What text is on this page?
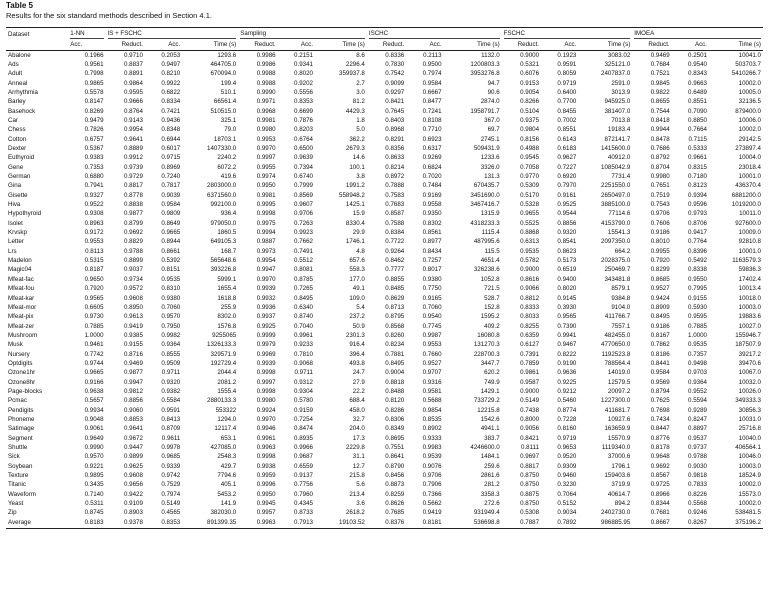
Table 5
Results for the six standard methods described in Section 4.1.
Dataset	1-NN	IS + FSCHC			Sampling			ISCHC			FSCHC			IMOEA		

	Acc.	Reduct.	Acc.	Time (s)	Reduct.	Acc.	Time (s)	Reduct.	Acc.	Time (s)	Reduct.	Acc.	Time (s)	Reduct.	Acc.	Time (s)
Abalone	0.1966	0.9710	0.2053	1293.6	0.9986	0.2151	8.6	0.8336	0.2113	1132.0	0.9000	0.1923	3083.02	0.9469	0.2501	10041.0
Ads	0.9561	0.8837	0.9497	464705.0	0.9986	0.9341	2296.4	0.7830	0.9500	1200803.3	0.5321	0.9591	325121.0	0.7684	0.9540	503703.7
Adult	0.7998	0.8891	0.8210	670094.0	0.9988	0.8020	359937.8	0.7542	0.7974	3953276.8	0.6076	0.8059	2407837.0	0.7521	0.8343	5410266.7
Anneal	0.9865	0.9864	0.9922	199.4	0.9988	0.9202	2.7	0.9099	0.9584	94.7	0.9153	0.9719	2591.0	0.9845	0.9663	10002.0
Arrhythmia	0.5578	0.9595	0.6822	510.1	0.9990	0.5556	3.0	0.9297	0.6667	90.6	0.9054	0.6400	3013.9	0.9822	0.6489	10005.0
Barley	0.8147	0.9666	0.8334	66561.4	0.9971	0.8353	81.2	0.8421	0.8477	2874.0	0.8266	0.7700	945925.0	0.8655	0.8551	32136.5
Basehock	0.8269	0.8764	0.7421	510515.0	0.9968	0.6699	4429.3	0.7645	0.7241	1958791.7	0.5104	0.8455	381407.0	0.7544	0.7090	879400.0
Car	0.9479	0.9143	0.9436	325.1	0.9981	0.7876	1.8	0.8403	0.8108	367.0	0.9375	0.7002	7013.8	0.8418	0.8850	10006.0
Chess	0.7826	0.9954	0.8348	79.0	0.9980	0.8203	5.0	0.8968	0.7710	69.7	0.9804	0.8551	19183.4	0.9944	0.7664	10002.0
Cotton	0.6757	0.9641	0.6944	18703.1	0.9953	0.6764	362.2	0.8291	0.6923	2745.1	0.8156	0.6143	872141.7	0.8478	0.7115	29142.5
Dexter	0.5367	0.8889	0.6017	1407330.0	0.9970	0.6500	2679.3	0.8356	0.6317	509431.9	0.4988	0.6183	1415600.0	0.7686	0.5333	273897.4
Euthyroid	0.9383	0.9912	0.9715	2240.2	0.9997	0.9639	14.6	0.8633	0.9269	1233.6	0.9545	0.9627	40912.0	0.8792	0.9661	10004.0
Gene	0.7353	0.9739	0.8969	6072.2	0.9955	0.7394	100.1	0.8214	0.6824	3326.0	0.7058	0.7227	1085042.9	0.8704	0.8315	23018.4
German	0.6880	0.9729	0.7240	419.6	0.9974	0.6740	3.8	0.8972	0.7020	131.3	0.9770	0.6920	7731.4	0.9980	0.7180	10001.0
Gina	0.7941	0.8817	0.7817	2803000.0	0.9950	0.7999	1991.2	0.7888	0.7484	670435.7	0.5309	0.7970	2251550.0	0.7651	0.8123	436370.4
Gisette	0.9327	0.8778	0.9039	6371560.0	0.9981	0.8569	558948.2	0.7583	0.9169	3451690.0	0.5170	0.9161	2650497.0	0.7519	0.9394	6881200.0
Hiva	0.9522	0.8838	0.9584	992100.0	0.9995	0.9607	1425.1	0.7683	0.9558	3467416.7	0.5328	0.9525	3885100.0	0.7543	0.9596	1019200.0
Hypothyroid	0.9308	0.9877	0.9809	936.4	0.9998	0.9706	15.9	0.8587	0.9350	1315.9	0.9655	0.9544	77114.6	0.9706	0.9793	10011.0
Isolet	0.8963	0.8799	0.8649	979050.0	0.9975	0.7263	8330.4	0.7588	0.8302	4318233.3	0.5525	0.8856	4153790.0	0.7606	0.8706	927600.0
Krvskp	0.9172	0.9692	0.9665	1860.5	0.9994	0.9923	29.9	0.8384	0.8561	1115.4	0.8868	0.9320	15541.3	0.9186	0.9417	10009.0
Letter	0.9553	0.8829	0.8944	649105.3	0.9887	0.7662	1746.1	0.7722	0.8977	487995.6	0.6313	0.8541	2097350.0	0.8010	0.7764	92810.8
Lrs	0.8113	0.9788	0.8661	168.7	0.9973	0.7491	4.8	0.9264	0.8434	115.5	0.9535	0.8623	664.2	0.9955	0.8396	10001.0
Madelon	0.5315	0.8899	0.5392	565648.6	0.9954	0.5512	657.6	0.8462	0.7257	4651.4	0.5782	0.5173	2028375.0	0.7920	0.5492	1163579.3
Magic04	0.8187	0.9037	0.8151	393226.8	0.9947	0.8081	558.3	0.7777	0.8017	326238.6	0.9000	0.6519	250469.7	0.8299	0.8338	59836.3
Mfeat-fac	0.9650	0.9734	0.9535	5999.1	0.9970	0.8785	177.0	0.8855	0.9380	1052.8	0.8616	0.9400	343481.8	0.8685	0.9550	17402.4
Mfeat-fou	0.7920	0.9572	0.8310	1655.4	0.9939	0.7265	49.1	0.8485	0.7750	721.5	0.9066	0.8020	8579.1	0.9527	0.7995	10013.4
Mfeat-kar	0.9565	0.9608	0.9380	1618.8	0.9932	0.8495	109.0	0.8629	0.9165	528.7	0.8812	0.9145	9384.8	0.9424	0.9155	10018.0
Mfeat-mor	0.6605	0.8950	0.7060	255.9	0.9936	0.6340	5.4	0.8713	0.7060	152.8	0.8333	0.3930	9104.0	0.8909	0.5930	10003.0
Mfeat-pix	0.9730	0.9613	0.9570	8302.0	0.9937	0.8740	237.2	0.8795	0.9540	1595.2	0.8033	0.9565	411766.7	0.8495	0.9595	19883.6
Mfeat-zer	0.7885	0.9419	0.7950	1576.8	0.9925	0.7040	50.9	0.8568	0.7745	409.2	0.8255	0.7390	7557.1	0.9186	0.7885	10027.0
Mushroom	1.0000	0.9385	0.9982	9255065	0.9999	0.9961	2301.3	0.8260	0.9987	16080.8	0.6359	0.9941	482455.0	0.8167	1.0000	155946.7
Musk	0.9461	0.9155	0.9364	1326133.3	0.9979	0.9233	916.4	0.8234	0.9553	131270.3	0.6127	0.9467	4770650.0	0.7862	0.9535	187507.9
Nursery	0.7742	0.8716	0.8555	329571.9	0.9969	0.7810	396.4	0.7881	0.7660	228700.3	0.7391	0.8222	1192523.8	0.8186	0.7357	39217.2
Optdigits	0.9744	0.9469	0.9509	192729.4	0.9939	0.9068	493.8	0.8495	0.9527	3447.7	0.7859	0.9190	788564.4	0.8441	0.9498	39470.6
Ozone1hr	0.9665	0.9877	0.9711	2044.4	0.9998	0.9711	24.7	0.9004	0.9707	620.2	0.9861	0.9636	14019.0	0.9584	0.9703	10067.0
Ozone8hr	0.9166	0.9947	0.9320	2081.2	0.9997	0.9312	27.9	0.8818	0.9316	749.9	0.9587	0.9225	12579.5	0.9569	0.9364	10032.0
Page-blocks	0.9638	0.9812	0.9382	1555.4	0.9998	0.9304	22.2	0.8488	0.9581	1429.1	0.9000	0.9212	20097.2	0.8794	0.9552	10026.0
Pcmac	0.5657	0.8856	0.5584	2880133.3	0.9980	0.5780	688.4	0.8120	0.5688	733729.2	0.5149	0.5460	1227300.0	0.7625	0.5594	349333.3
Pendigits	0.9934	0.9060	0.9591	553322	0.9924	0.9159	458.0	0.8286	0.9854	12215.8	0.7438	0.8774	411681.7	0.7698	0.9289	30856.3
Phoneme	0.9048	0.8853	0.8413	1294.0	0.9970	0.7254	32.7	0.8306	0.8535	1542.6	0.8000	0.7228	10927.6	0.7434	0.8247	10031.0
Satimage	0.9061	0.9641	0.8709	12117.4	0.9946	0.8474	204.0	0.8349	0.8902	4941.1	0.9056	0.8160	163659.9	0.8447	0.8897	25716.8
Segment	0.9649	0.9672	0.9611	653.1	0.9961	0.8935	17.3	0.8695	0.9333	383.7	0.8421	0.9719	15570.9	0.8776	0.9537	10040.0
Shuttle	0.9990	0.9447	0.9978	427085.0	0.9963	0.9966	2229.8	0.7551	0.9983	4246600.0	0.8111	0.9653	1119340.0	0.8178	0.9737	406564.1
Sick	0.9570	0.9899	0.9685	2548.3	0.9998	0.9687	31.1	0.8641	0.9539	1484.1	0.9697	0.9520	37000.6	0.9648	0.9788	10046.0
Soybean	0.9221	0.9625	0.9339	429.7	0.9938	0.6559	12.7	0.8790	0.9076	259.6	0.8817	0.9309	1796.1	0.9692	0.9030	10003.0
Texture	0.9895	0.9608	0.9742	7794.6	0.9959	0.9137	215.8	0.8456	0.9706	2861.6	0.8750	0.9460	159403.6	0.8567	0.9818	18524.9
Titanic	0.3435	0.9656	0.7529	405.1	0.9996	0.7756	5.6	0.8873	0.7906	281.2	0.8750	0.3230	3719.9	0.9725	0.7833	10002.0
Waveform	0.7140	0.9422	0.7974	5453.2	0.9950	0.7960	213.4	0.8259	0.7366	3358.3	0.8875	0.7064	40614.7	0.8966	0.8226	15573.0
Yeast	0.5311	0.9109	0.5149	141.9	0.9945	0.4345	3.6	0.8626	0.5662	272.6	0.8750	0.5152	894.2	0.8344	0.5568	10002.0
Zip	0.8745	0.8903	0.4565	382030.0	0.9957	0.8733	2618.2	0.7685	0.9419	931949.4	0.5308	0.9034	2402730.0	0.7681	0.9246	538481.5
Average	0.8183	0.9378	0.8353	891399.35	0.9963	0.7913	19103.52	0.8376	0.8181	536698.8	0.7887	0.7892	986885.95	0.8667	0.8267	375196.2
